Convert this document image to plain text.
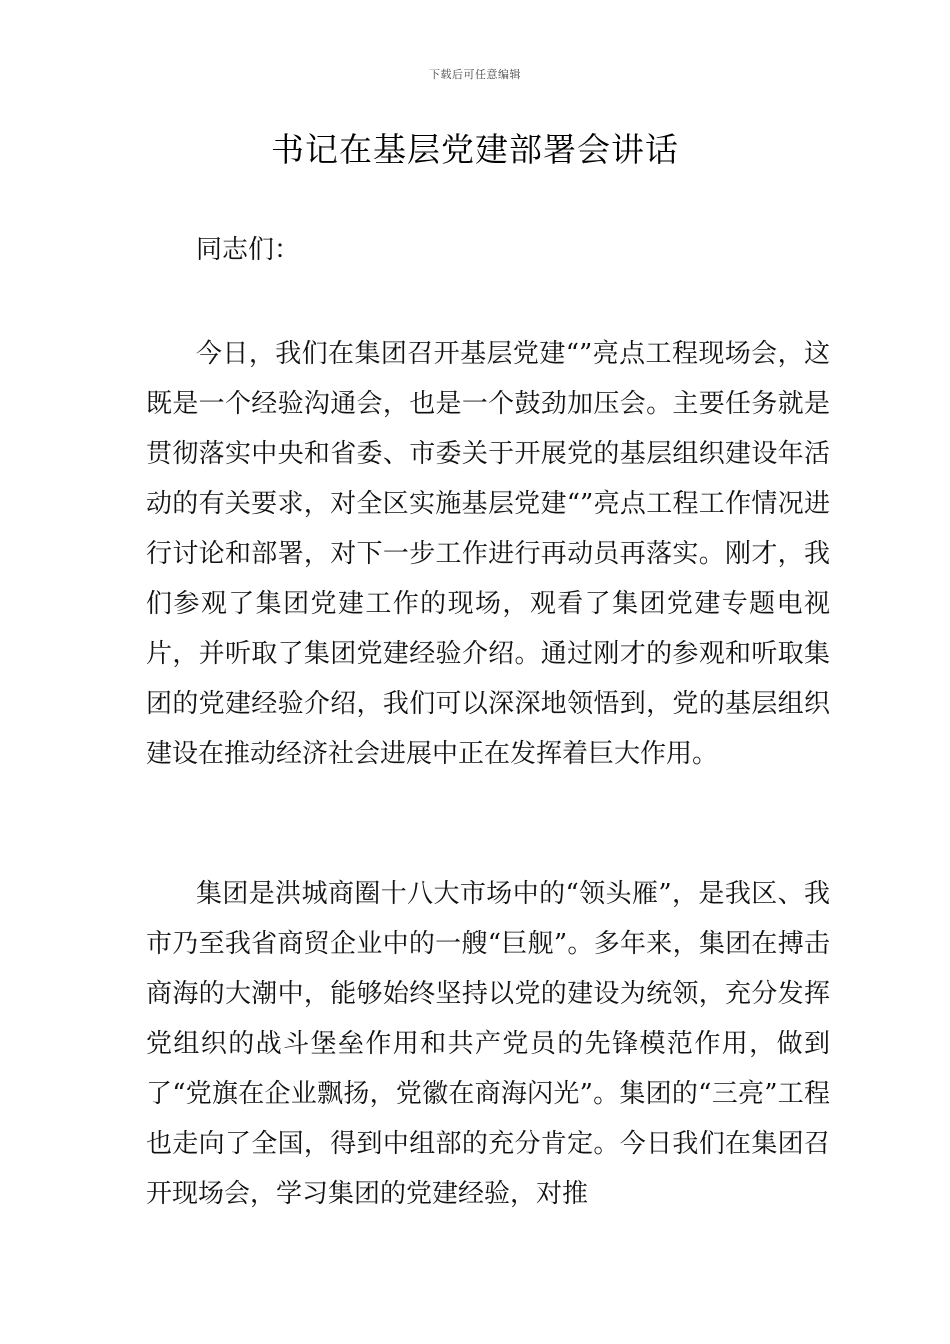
下载后可任意编辑
书记在基层党建部署会讲话
同志们：

今日，我们在集团召开基层党建“”亮点工程现场会，这既是一个经验沟通会，也是一个鼓劲加压会。主要任务就是贯彻落实中央和省委、市委关于开展党的基层组织建设年活动的有关要求，对全区实施基层党建“”亮点工程工作情况进行讨论和部署，对下一步工作进行再动员再落实。刚才，我们参观了集团党建工作的现场，观看了集团党建专题电视片，并听取了集团党建经验介绍。通过刚才的参观和听取集团的党建经验介绍，我们可以深深地领悟到，党的基层组织建设在推动经济社会进展中正在发挥着巨大作用。

集团是洪城商圈十八大市场中的“领头雁”，是我区、我市乃至我省商贸企业中的一艘“巨舰”。多年来，集团在搏击商海的大潮中，能够始终坚持以党的建设为统领，充分发挥党组织的战斗堡垒作用和共产党员的先锋模范作用，做到了“党旗在企业飘扬，党徽在商海闪光”。集团的“三亮”工程也走向了全国，得到中组部的充分肯定。今日我们在集团召开现场会，学习集团的党建经验，对推
